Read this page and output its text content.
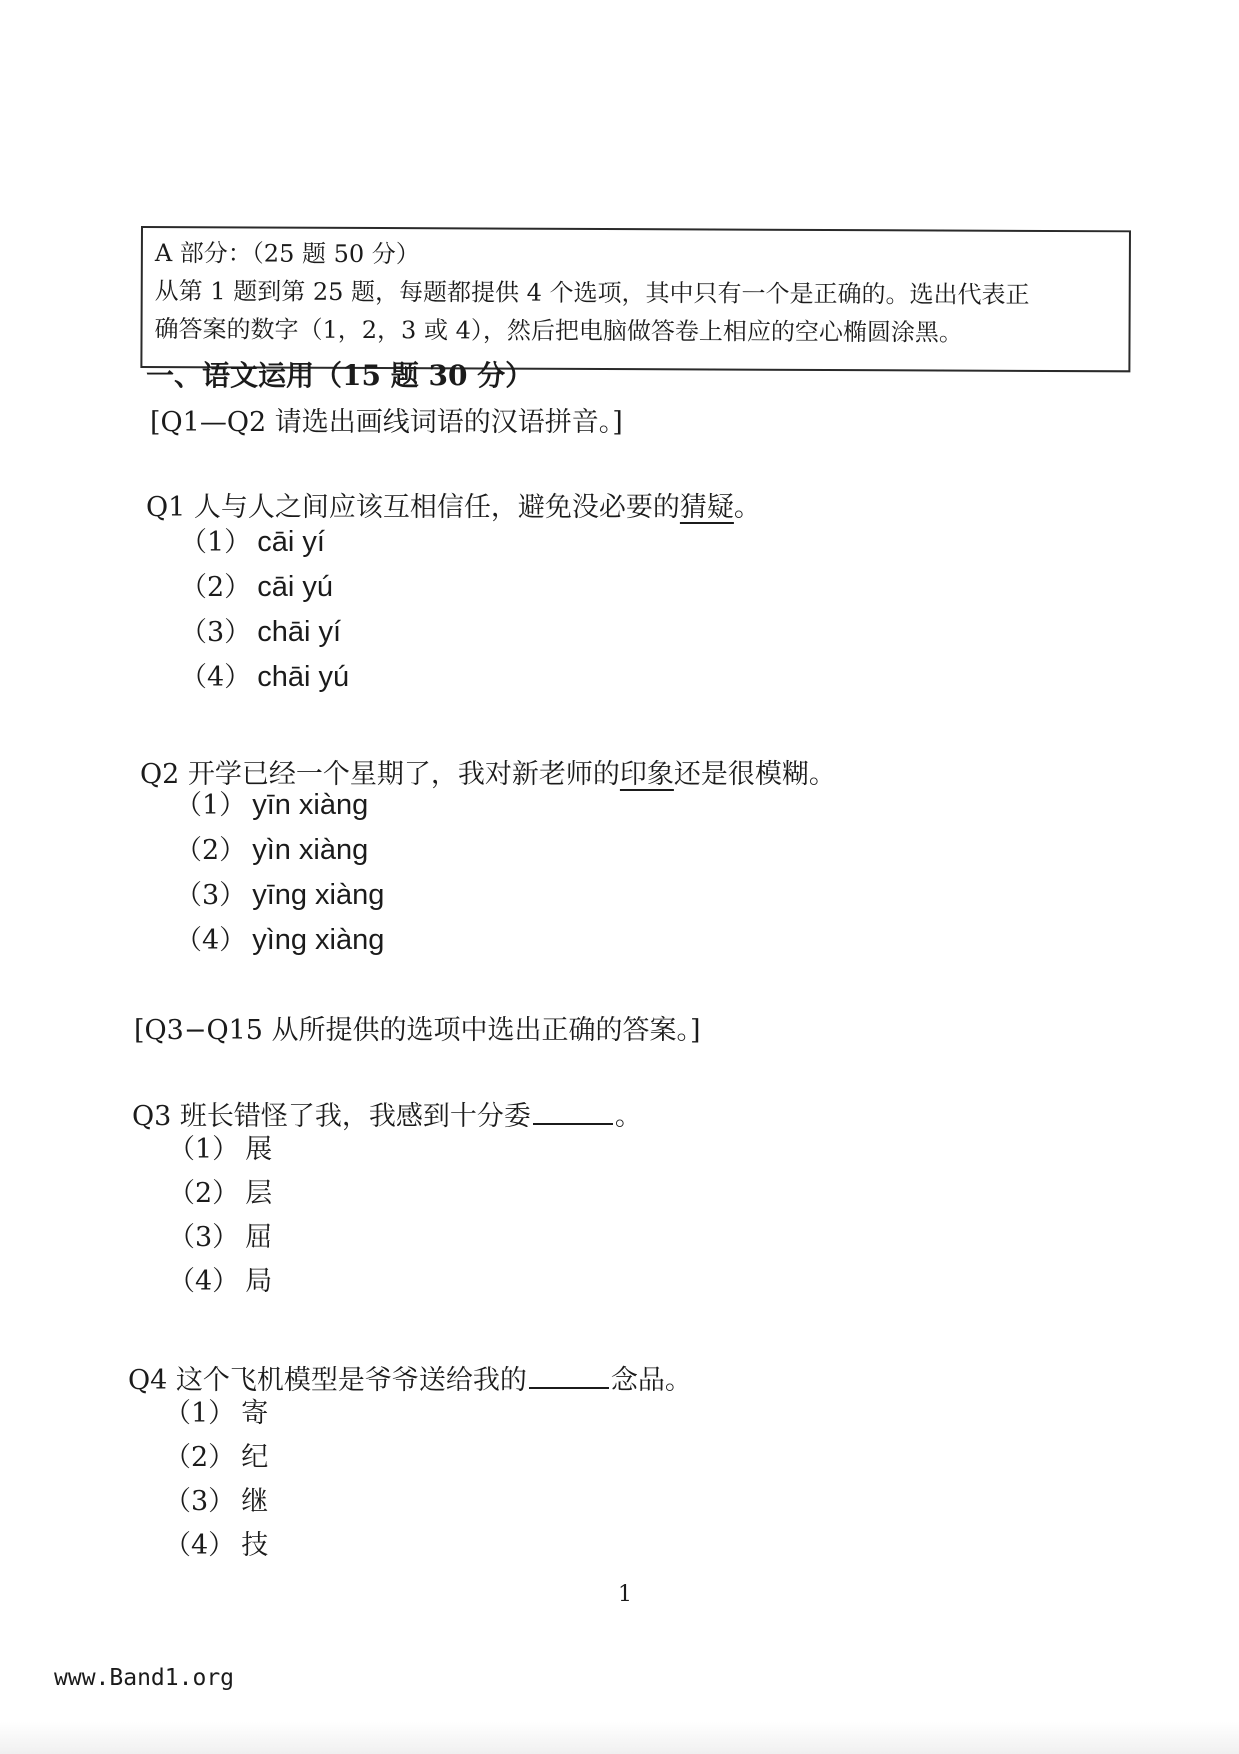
A 部分：（25 题 50 分）
从第 1 题到第 25 题，每题都提供 4 个选项，其中只有一个是正确的。选出代表正
确答案的数字（1，2，3 或 4），然后把电脑做答卷上相应的空心椭圆涂黑。
一、语文运用（15 题 30 分）
[Q1—Q2 请选出画线词语的汉语拼音。]
Q1 人与人之间应该互相信任，避免没必要的猜疑。
（1） cāi yí
（2） cāi yú
（3） chāi yí
（4） chāi yú
Q2 开学已经一个星期了，我对新老师的印象还是很模糊。
（1） yīn xiàng
（2） yìn xiàng
（3） yīng xiàng
（4） yìng xiàng
[Q3−Q15 从所提供的选项中选出正确的答案。]
Q3 班长错怪了我，我感到十分委	。
（1） 展
（2） 层
（3） 屈
（4） 局
Q4 这个飞机模型是爷爷送给我的	念品。
（1） 寄
（2） 纪
（3） 继
（4） 技
1
www.Band1.org
